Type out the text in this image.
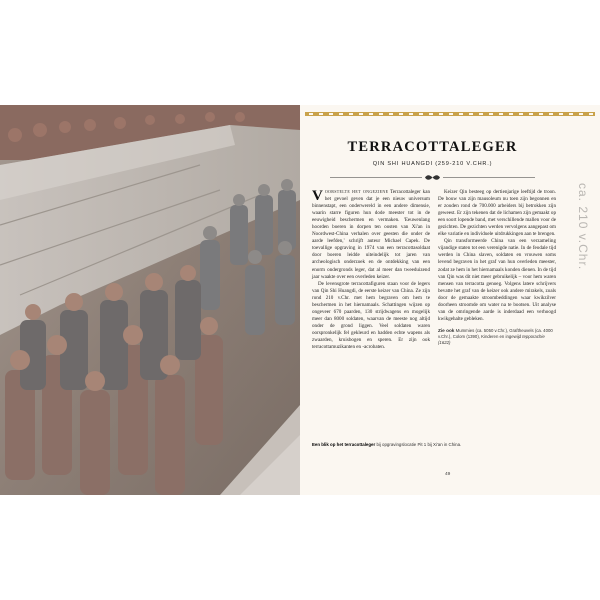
TERRACOTTALEGER
QIN SHI HUANGDI (259-210 V.CHR.)
ca. 210 v.Chr.

V oorstelte het ongeziene Terracottaleger kan het gevoel geven dat je een nieuw universum binnenstapt, een onderwereld in een andere dimensie, waarin starre figuren hun dode meester tot in de eeuwigheid beschermen en vermaken. 'Eeuwenlang hoorden boeren in dorpen ten oosten van Xi'an in Noordwest-China verhalen over geesten die onder de aarde leefden,' schrijft auteur Michael Capek. De toevallige opgraving in 1974 van een terracottasoldaat door boeren leidde uiteindelijk tot jaren van archeologisch onderzoek en de ontdekking van een enorm ondergronds leger, dat al meer dan tweeduizend jaar waakte over een overleden keizer.

De levensgrote terracottafiguren staan voor de legers van Qin Shi Huangdi, de eerste keizer van China. Ze zijn rond 210 v.Chr. met hem begraven om hem te beschermen in het hiernamaals. Schattingen wijzen op ongeveer 670 paarden, 130 strijdwagens en mogelijk meer dan 8000 soldaten, waarvan de meeste nog altijd onder de grond liggen. Veel soldaten waren oorspronkelijk fel gekleurd en hadden echte wapens als zwaarden, kruisbogen en speren. Er zijn ook terracottamuzikanten en -acrobaten.

Keizer Qin besteeg op dertienjarige leeftijd de troon. De bouw van zijn mausoleum nu toen zijn begonnen en er zouden rond de 700.000 arbeiders bij betrokken zijn geweest. Er zijn tekenen dat de lichamen zijn gemaakt op een soort lopende band, met verschillende mallen voor de gezichten. De gezichten werden vervolgens aangepast om elke variatie en individuele uitdrukkingen aan te brengen.

Qin transformeerde China van een verzameling vijandige staten tot een verenigde natie. In de feodale tijd werden in China slaven, soldaten en vrouwen soms levend begraven in het graf van hun overleden meester, zodat ze hem in het hiernamaals konden dienen. In de tijd van Qin was dit niet meer gebruikelijk – voor hem waren mensen van terracotta genoeg. Volgens latere schrijvers bevatte het graf van de keizer ook andere mirakels, zoals door de gemaakte stroombeddingen waar kwikzilver doorheen stroomde om water na te bootsen. Uit analyse van de omringende aarde is inderdaad een verhoogd kwikgehalte gebleken.

Zie ook Mummies (ca. 5050 v.Chr.), Graftheuvels (ca. 4000 v.Chr.), Colom (1390), Kinderen en ingewijd tepporachie (1622)
Een blik op het terracottaleger bij opgravingslocatie Pit 1 bij Xi'an in China.
49
